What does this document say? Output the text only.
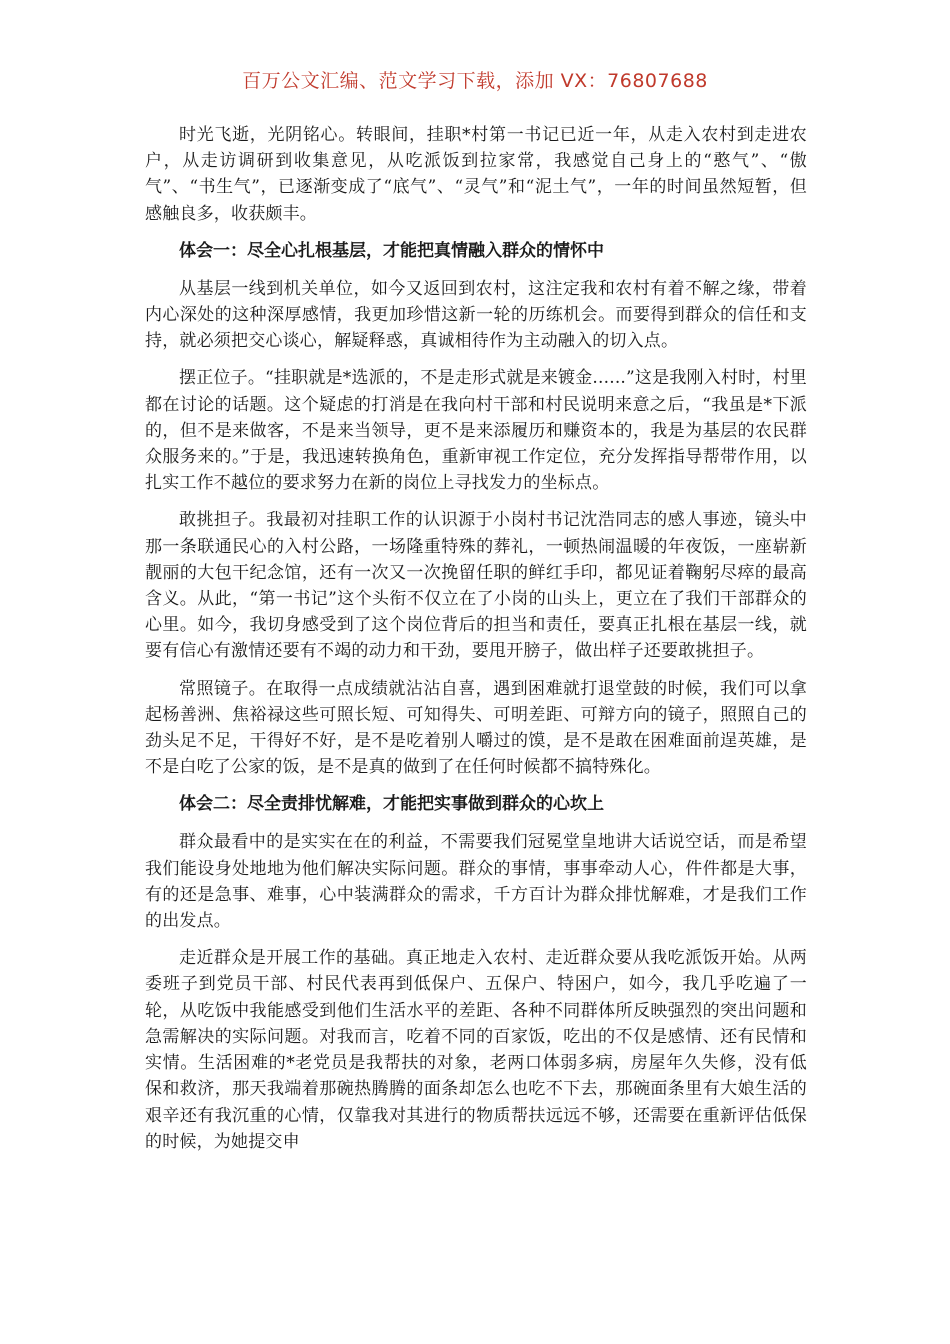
百万公文汇编、范文学习下载，添加 VX：76807688

时光飞逝，光阴铭心。转眼间，挂职*村第一书记已近一年，从走入农村到走进农户，从走访调研到收集意见，从吃派饭到拉家常，我感觉自己身上的“憨气”、“傲气”、“书生气”，已逐渐变成了“底气”、“灵气”和“泥土气”，一年的时间虽然短暂，但感触良多，收获颇丰。

体会一：尽全心扎根基层，才能把真情融入群众的情怀中

从基层一线到机关单位，如今又返回到农村，这注定我和农村有着不解之缘，带着内心深处的这种深厚感情，我更加珍惜这新一轮的历练机会。而要得到群众的信任和支持，就必须把交心谈心，解疑释惑，真诚相待作为主动融入的切入点。

摆正位子。“挂职就是*选派的，不是走形式就是来镀金......”这是我刚入村时，村里都在讨论的话题。这个疑虑的打消是在我向村干部和村民说明来意之后，“我虽是*下派的，但不是来做客，不是来当领导，更不是来添履历和赚资本的，我是为基层的农民群众服务来的。”于是，我迅速转换角色，重新审视工作定位，充分发挥指导帮带作用，以扎实工作不越位的要求努力在新的岗位上寻找发力的坐标点。

敢挑担子。我最初对挂职工作的认识源于小岗村书记沈浩同志的感人事迹，镜头中那一条联通民心的入村公路，一场隆重特殊的葬礼，一顿热闹温暖的年夜饭，一座崭新靓丽的大包干纪念馆，还有一次又一次挽留任职的鲜红手印，都见证着鞠躬尽瘁的最高含义。从此，“第一书记”这个头衔不仅立在了小岗的山头上，更立在了我们干部群众的心里。如今，我切身感受到了这个岗位背后的担当和责任，要真正扎根在基层一线，就要有信心有激情还要有不竭的动力和干劲，要甩开膀子，做出样子还要敢挑担子。

常照镜子。在取得一点成绩就沾沾自喜，遇到困难就打退堂鼓的时候，我们可以拿起杨善洲、焦裕禄这些可照长短、可知得失、可明差距、可辩方向的镜子，照照自己的劲头足不足，干得好不好，是不是吃着别人嚼过的馍，是不是敢在困难面前逞英雄，是不是白吃了公家的饭，是不是真的做到了在任何时候都不搞特殊化。

体会二：尽全责排忧解难，才能把实事做到群众的心坎上

群众最看中的是实实在在的利益，不需要我们冠冕堂皇地讲大话说空话，而是希望我们能设身处地地为他们解决实际问题。群众的事情，事事牵动人心，件件都是大事，有的还是急事、难事，心中装满群众的需求，千方百计为群众排忧解难，才是我们工作的出发点。

走近群众是开展工作的基础。真正地走入农村、走近群众要从我吃派饭开始。从两委班子到党员干部、村民代表再到低保户、五保户、特困户，如今，我几乎吃遍了一轮，从吃饭中我能感受到他们生活水平的差距、各种不同群体所反映强烈的突出问题和急需解决的实际问题。对我而言，吃着不同的百家饭，吃出的不仅是感情、还有民情和实情。生活困难的*老党员是我帮扶的对象，老两口体弱多病，房屋年久失修，没有低保和救济，那天我端着那碗热腾腾的面条却怎么也吃不下去，那碗面条里有大娘生活的艰辛还有我沉重的心情，仅靠我对其进行的物质帮扶远远不够，还需要在重新评估低保的时候，为她提交申
